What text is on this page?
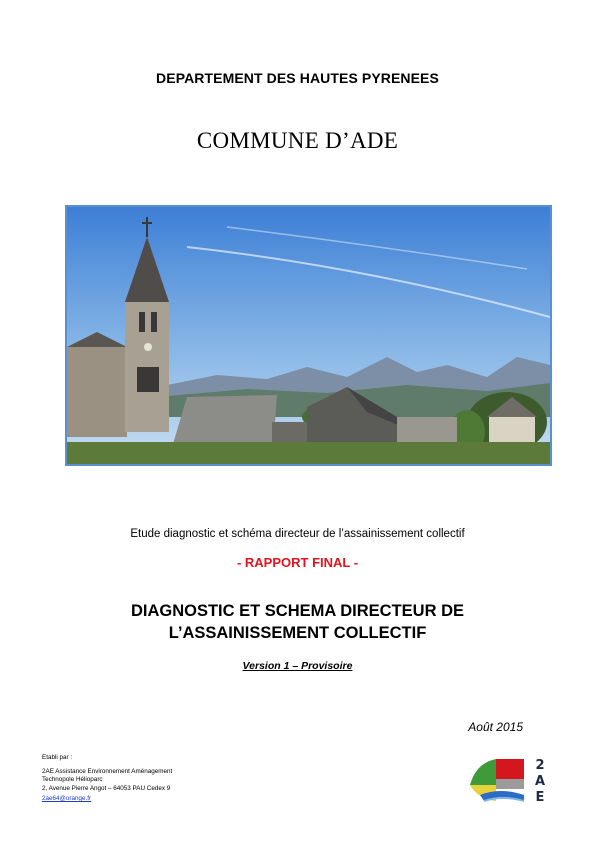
DEPARTEMENT DES HAUTES PYRENEES
COMMUNE D’ADE
Etude diagnostic et schéma directeur de l’assainissement collectif
- RAPPORT FINAL -
DIAGNOSTIC ET SCHEMA DIRECTEUR DE
L’ASSAINISSEMENT COLLECTIF
Version 1 – Provisoire
Août 2015
Etabli par :
2AE Assistance Environnement Aménagement
Technopole Hélioparc
2, Avenue Pierre Angot – 64053 PAU Cedex 9
2ae64@orange.fr
2
A
E
